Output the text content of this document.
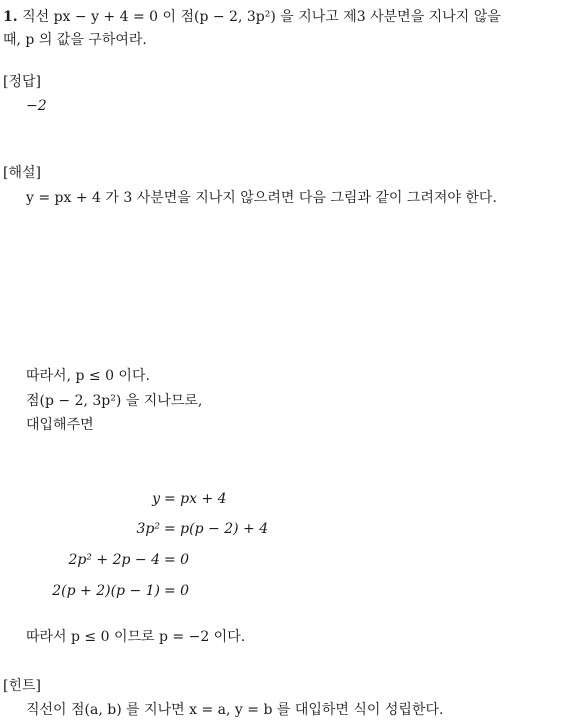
1. 직선 px − y + 4 = 0 이 점(p − 2, 3p²) 을 지나고 제3 사분면을 지나지 않을
때, p 의 값을 구하여라.
[정답]
−2
[해설]
y = px + 4 가 3 사분면을 지나지 않으려면 다음 그림과 같이 그려져야 한다.
따라서, p ≤ 0 이다.
점(p − 2, 3p²) 을 지나므로,
대입해주면
y = px + 4
3p² = p(p − 2) + 4
2p² + 2p − 4 = 0
2(p + 2)(p − 1) = 0
따라서 p ≤ 0 이므로 p = −2 이다.
[힌트]
직선이 점(a, b) 를 지나면 x = a, y = b 를 대입하면 식이 성립한다.
